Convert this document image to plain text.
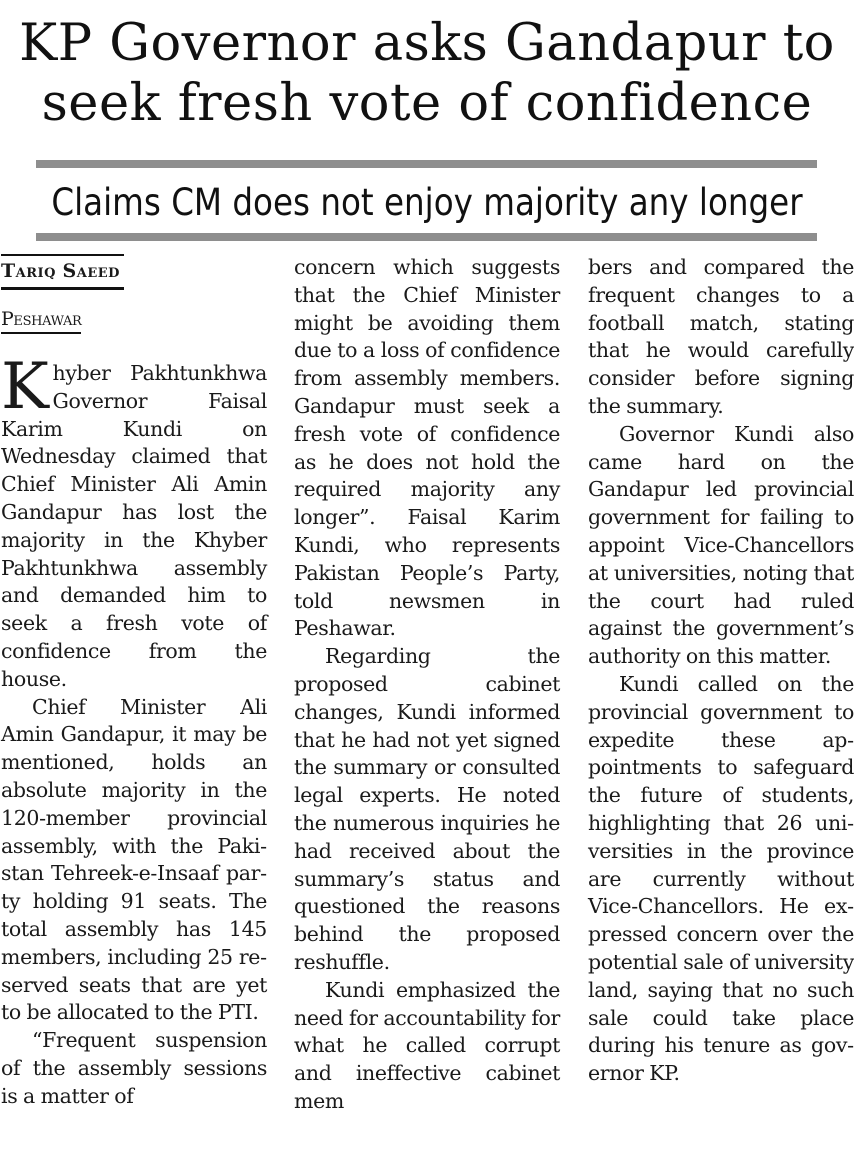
KP Governor asks Gandapur to
seek fresh vote of confidence
Claims CM does not enjoy majority any longer
Tariq Saeed
Peshawar

Khyber Pakhtunkhwa Governor Faisal Karim Kundi on Wednesday claimed that Chief Minister Ali Amin Gandapur has lost the majority in the Khyber Pakhtunkhwa assembly and demanded him to seek a fresh vote of confidence from the house.

Chief Minister Ali Amin Gandapur, it may be mentioned, holds an absolute majority in the 120-member provincial assembly, with the Pakistan Tehreek-e-Insaaf party holding 91 seats. The total assembly has 145 members, including 25 reserved seats that are yet to be allocated to the PTI.

“Frequent suspension of the assembly sessions is a matter of

concern which suggests that the Chief Minister might be avoiding them due to a loss of confidence from assembly members. Gandapur must seek a fresh vote of confidence as he does not hold the required majority any longer”. Faisal Karim Kundi, who represents Pakistan People’s Party, told newsmen in Peshawar.

Regarding the proposed cabinet changes, Kundi informed that he had not yet signed the summary or consulted legal experts. He noted the numerous inquiries he had received about the summary’s status and questioned the reasons behind the proposed reshuffle.

Kundi emphasized the need for accountability for what he called corrupt and ineffective cabinet mem

bers and compared the frequent changes to a football match, stating that he would carefully consider before signing the summary.

Governor Kundi also came hard on the Gandapur led provincial government for failing to appoint Vice-Chancellors at universities, noting that the court had ruled against the government’s authority on this matter.

Kundi called on the provincial government to expedite these appointments to safeguard the future of students, highlighting that 26 universities in the province are currently without Vice-Chancellors. He expressed concern over the potential sale of university land, saying that no such sale could take place during his tenure as governor KP.
